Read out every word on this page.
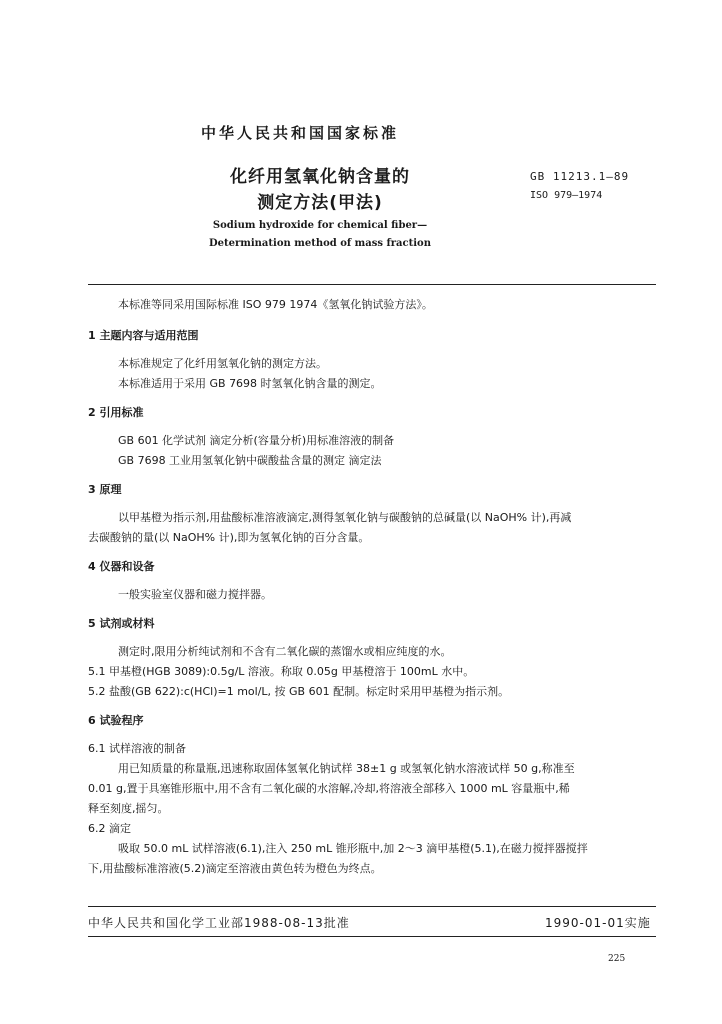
中华人民共和国国家标准
化纤用氢氧化钠含量的
测定方法(甲法)
Sodium hydroxide for chemical fiber—
Determination method of mass fraction
GB 11213.1—89
ISO 979—1974
本标准等同采用国际标准 ISO 979 1974《氢氧化钠试验方法》。
1 主题内容与适用范围
本标准规定了化纤用氢氧化钠的测定方法。
本标准适用于采用 GB 7698 时氢氧化钠含量的测定。
2 引用标准
GB 601 化学试剂 滴定分析(容量分析)用标准溶液的制备
GB 7698 工业用氢氧化钠中碳酸盐含量的测定 滴定法
3 原理
以甲基橙为指示剂,用盐酸标准溶液滴定,测得氢氧化钠与碳酸钠的总碱量(以 NaOH% 计),再减
去碳酸钠的量(以 NaOH% 计),即为氢氧化钠的百分含量。
4 仪器和设备
一般实验室仪器和磁力搅拌器。
5 试剂或材料
测定时,限用分析纯试剂和不含有二氧化碳的蒸馏水或相应纯度的水。
5.1 甲基橙(HGB 3089):0.5g/L 溶液。称取 0.05g 甲基橙溶于 100mL 水中。
5.2 盐酸(GB 622):c(HCl)=1 mol/L, 按 GB 601 配制。标定时采用甲基橙为指示剂。
6 试验程序
6.1 试样溶液的制备
用已知质量的称量瓶,迅速称取固体氢氧化钠试样 38±1 g 或氢氧化钠水溶液试样 50 g,称准至
0.01 g,置于具塞锥形瓶中,用不含有二氧化碳的水溶解,冷却,将溶液全部移入 1000 mL 容量瓶中,稀
释至刻度,摇匀。
6.2 滴定
吸取 50.0 mL 试样溶液(6.1),注入 250 mL 锥形瓶中,加 2～3 滴甲基橙(5.1),在磁力搅拌器搅拌
下,用盐酸标准溶液(5.2)滴定至溶液由黄色转为橙色为终点。
中华人民共和国化学工业部1988-08-13批准	1990-01-01实施
225
